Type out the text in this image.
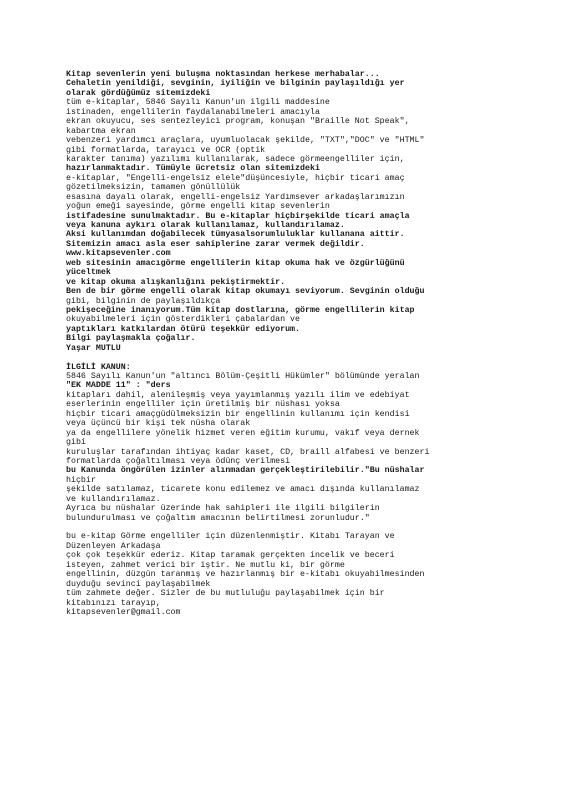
Kitap sevenlerin yeni buluşma noktasından herkese merhabalar...
Cehaletin yenildiği, sevginin, iyiliğin ve bilginin paylaşıldığı yer
olarak gördüğümüz sitemizdeki
tüm e-kitaplar, 5846 Sayılı Kanun'un ilgili maddesine
istinaden, engellilerin faydalanabilmeleri amacıyla
ekran okuyucu, ses sentezleyici program, konuşan "Braille Not Speak",
kabartma ekran
vebenzeri yardımcı araçlara, uyumluolacak şekilde, "TXT","DOC" ve "HTML"
gibi formatlarda, tarayıcı ve OCR (optik
karakter tanıma) yazılımı kullanılarak, sadece görmeengelliler için,
hazırlanmaktadır. Tümüyle ücretsiz olan sitemizdeki
e-kitaplar, "Engelli-engelsiz elele"düşüncesiyle, hiçbir ticari amaç
gözetilmeksizin, tamamen gönüllülük
esasına dayalı olarak, engelli-engelsiz Yardımsever arkadaşlarımızın
yoğun emeği sayesinde, görme engelli kitap sevenlerin
istifadesine sunulmaktadır. Bu e-kitaplar hiçbirşekilde ticari amaçla
veya kanuna aykırı olarak kullanılamaz, kullandırılamaz.
Aksi kullanımdan doğabilecek tümyasalsorumluluklar kullanana aittir.
Sitemizin amacı asla eser sahiplerine zarar vermek değildir.
www.kitapsevenler.com
web sitesinin amacıgörme engellilerin kitap okuma hak ve özgürlüğünü
yüceltmek
ve kitap okuma alışkanlığını pekiştirmektir.
Ben de bir görme engelli olarak kitap okumayı seviyorum. Sevginin olduğu
gibi, bilginin de paylaşıldıkça
pekişeceğine inanıyorum.Tüm kitap dostlarına, görme engellilerin kitap
okuyabilmeleri için gösterdikleri çabalardan ve
yaptıkları katkılardan ötürü teşekkür ediyorum.
Bilgi paylaşmakla çoğalır.
Yaşar MUTLU
İLGİLİ KANUN:
5846 Sayılı Kanun'un "altıncı Bölüm-Çeşitli Hükümler" bölümünde yeralan
"EK MADDE 11" : "ders
kitapları dahil, alenileşmiş veya yayımlanmış yazılı ilim ve edebiyat
eserlerinin engelliler için üretilmiş bir nüshası yoksa
hiçbir ticari amaçgüdülmeksizin bir engellinin kullanımı için kendisi
veya üçüncü bir kişi tek nüsha olarak
ya da engellilere yönelik hizmet veren eğitim kurumu, vakıf veya dernek
gibi
kuruluşlar tarafından ihtiyaç kadar kaset, CD, braill alfabesi ve benzeri
formatlarda çoğaltılması veya ödünç verilmesi
bu Kanunda öngörülen izinler alınmadan gerçekleştirilebilir."Bu nüshalar
hiçbir
şekilde satılamaz, ticarete konu edilemez ve amacı dışında kullanılamaz
ve kullandırılamaz.
Ayrıca bu nüshalar üzerinde hak sahipleri ile ilgili bilgilerin
bulundurulması ve çoğaltım amacının belirtilmesi zorunludur."
bu e-kitap Görme engelliler için düzenlenmiştir. Kitabı Tarayan ve
Düzenleyen Arkadaşa
çok çok teşekkür ederiz. Kitap taramak gerçekten incelik ve beceri
isteyen, zahmet verici bir iştir. Ne mutlu ki, bir görme
engellinin, düzgün taranmış ve hazırlanmış bir e-kitabı okuyabilmesinden
duyduğu sevinci paylaşabilmek
tüm zahmete değer. Sizler de bu mutluluğu paylaşabilmek için bir
kitabınızı tarayıp,
kitapsevenler@gmail.com
